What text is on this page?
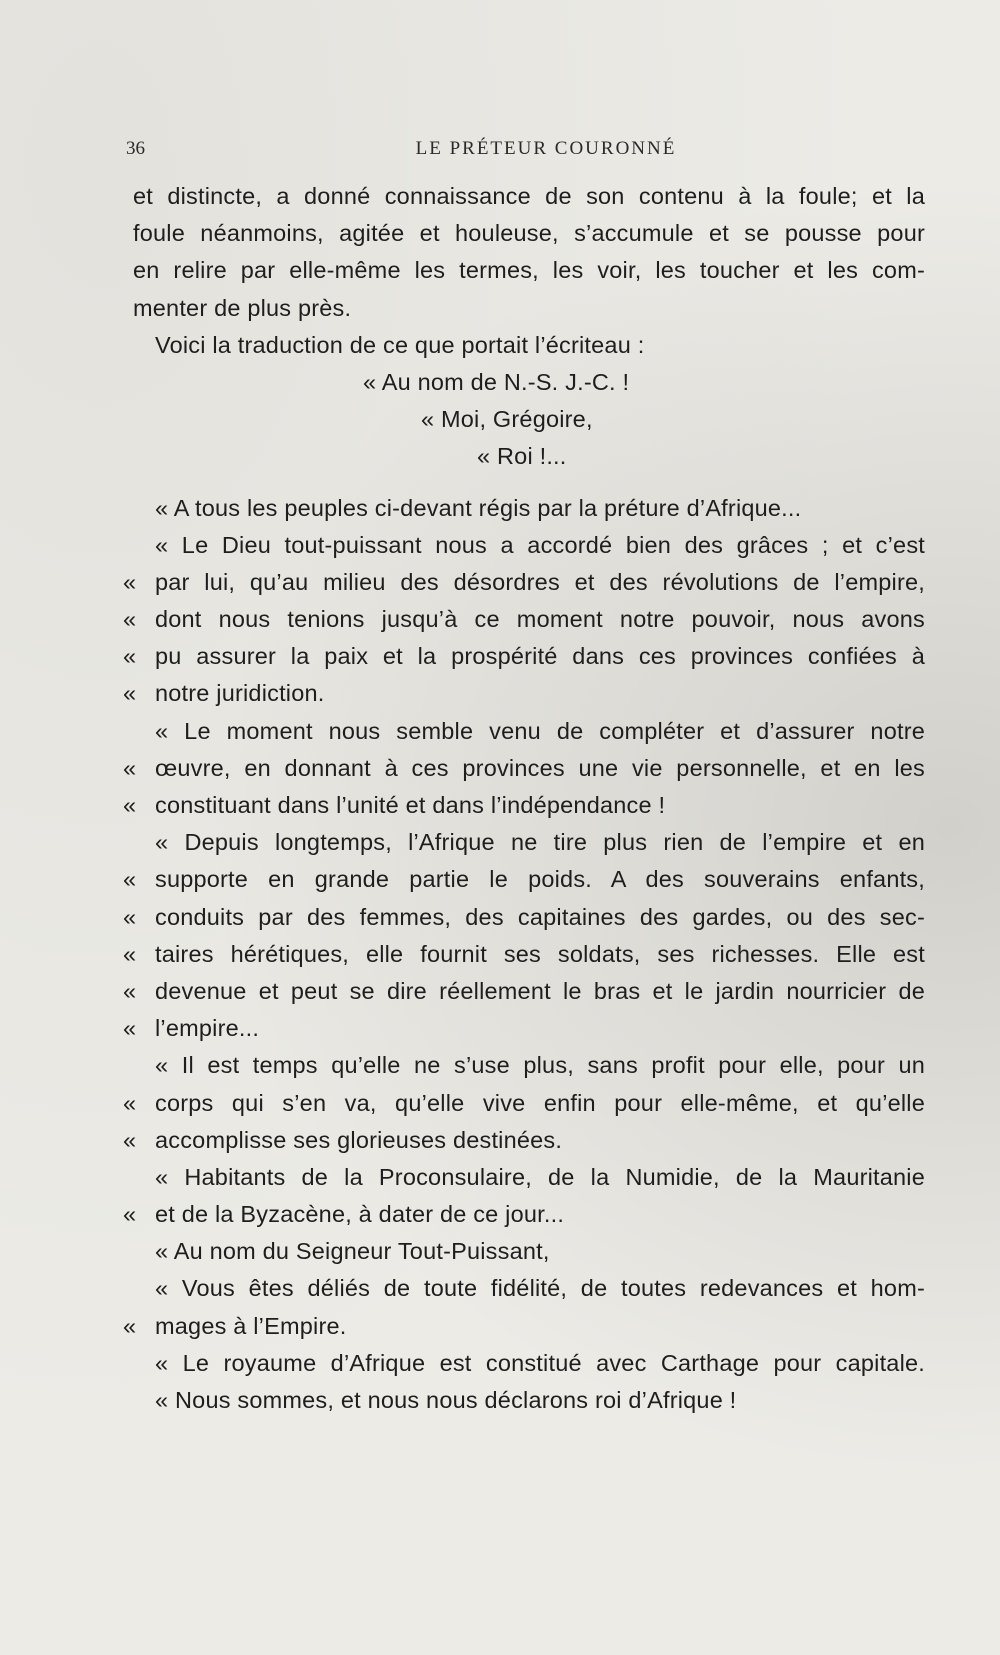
36	LE PRÉTEUR COURONNÉ
et distincte, a donné connaissance de son contenu à la foule; et la
foule néanmoins, agitée et houleuse, s’accumule et se pousse pour
en relire par elle-même les termes, les voir, les toucher et les com-
menter de plus près.
Voici la traduction de ce que portait l’écriteau :
« Au nom de N.-S. J.-C. !
« Moi, Grégoire,
« Roi !...
« A tous les peuples ci-devant régis par la préture d’Afrique...
« Le Dieu tout-puissant nous a accordé bien des grâces ; et c’est
« par lui, qu’au milieu des désordres et des révolutions de l’empire,
« dont nous tenions jusqu’à ce moment notre pouvoir, nous avons
« pu assurer la paix et la prospérité dans ces provinces confiées à
« notre juridiction.
« Le moment nous semble venu de compléter et d’assurer notre
« œuvre, en donnant à ces provinces une vie personnelle, et en les
« constituant dans l’unité et dans l’indépendance !
« Depuis longtemps, l’Afrique ne tire plus rien de l’empire et en
« supporte en grande partie le poids. A des souverains enfants,
« conduits par des femmes, des capitaines des gardes, ou des sec-
« taires hérétiques, elle fournit ses soldats, ses richesses. Elle est
« devenue et peut se dire réellement le bras et le jardin nourricier de
« l’empire...
« Il est temps qu’elle ne s’use plus, sans profit pour elle, pour un
« corps qui s’en va, qu’elle vive enfin pour elle-même, et qu’elle
« accomplisse ses glorieuses destinées.
« Habitants de la Proconsulaire, de la Numidie, de la Mauritanie
« et de la Byzacène, à dater de ce jour...
« Au nom du Seigneur Tout-Puissant,
« Vous êtes déliés de toute fidélité, de toutes redevances et hom-
« mages à l’Empire.
« Le royaume d’Afrique est constitué avec Carthage pour capitale.
« Nous sommes, et nous nous déclarons roi d’Afrique !
